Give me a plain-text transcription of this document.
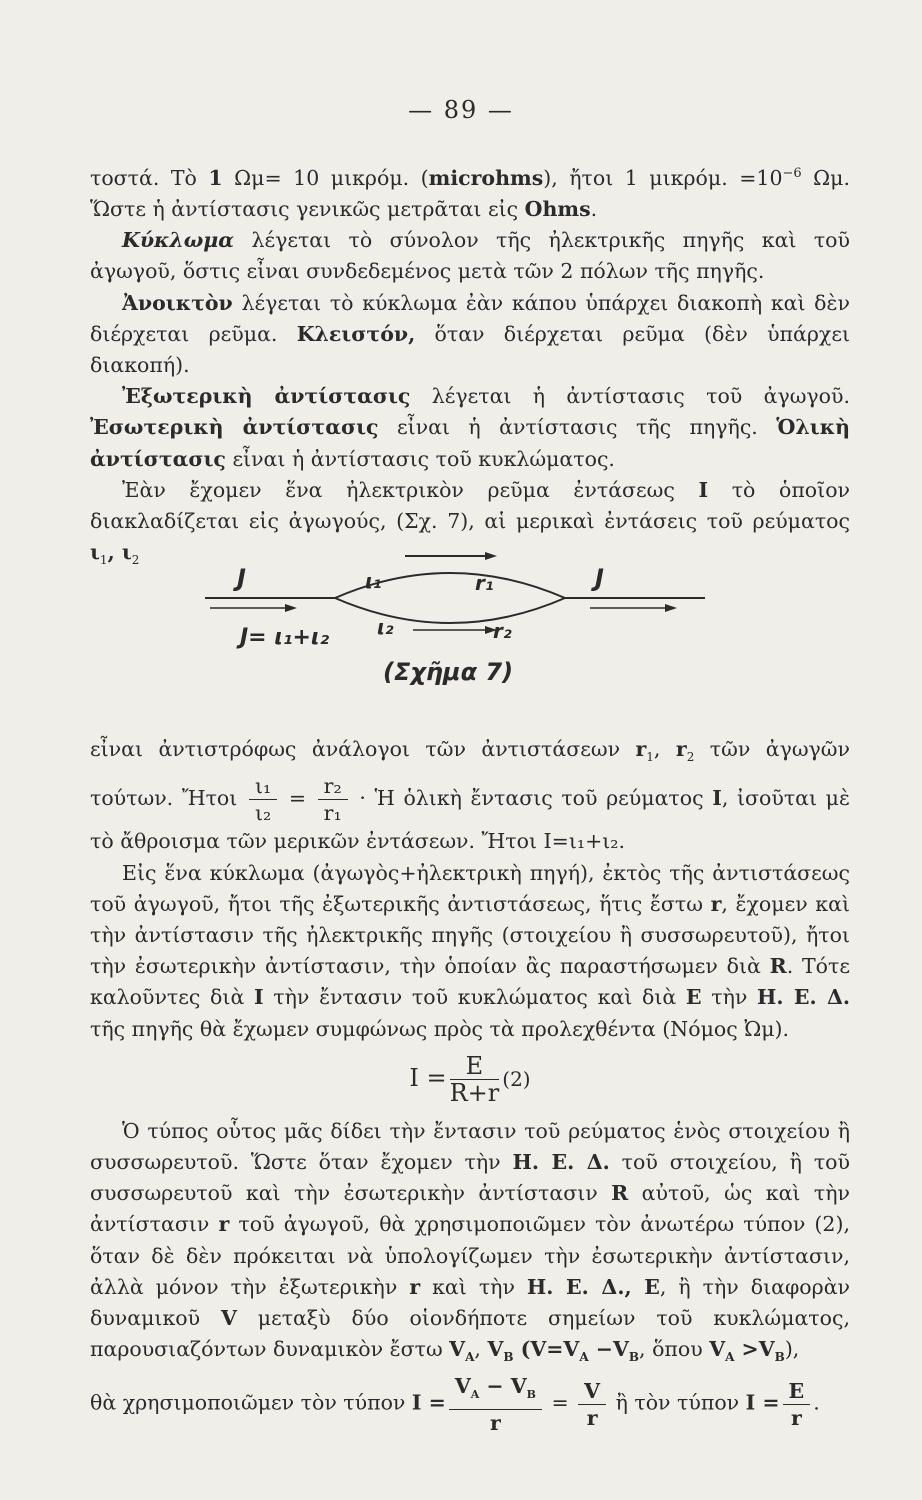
— 89 —

τοστά. Τὸ 1 Ωμ= 10 μικρόμ. (microhms), ἤτοι 1 μικρόμ. $=10^{-6}$ Ωμ. Ὥστε ἡ ἀντίστασις γενικῶς μετρᾶται εἰς Ohms.

Κύκλωμα λέγεται τὸ σύνολον τῆς ἠλεκτρικῆς πηγῆς καὶ τοῦ ἀγωγοῦ, ὅστις εἶναι συνδεδεμένος μετὰ τῶν 2 πόλων τῆς πηγῆς.

Ἀνοικτὸν λέγεται τὸ κύκλωμα ἐὰν κάπου ὑπάρχει διακοπὴ καὶ δὲν διέρχεται ρεῦμα. Κλειστόν, ὅταν διέρχεται ρεῦμα (δὲν ὑπάρχει διακοπή).

Ἐξωτερικὴ ἀντίστασις λέγεται ἡ ἀντίστασις τοῦ ἀγωγοῦ. Ἐσωτερικὴ ἀντίστασις εἶναι ἡ ἀντίστασις τῆς πηγῆς. Ὁλικὴ ἀντίστασις εἶναι ἡ ἀντίστασις τοῦ κυκλώματος.

Ἐὰν ἔχομεν ἕνα ἠλεκτρικὸν ρεῦμα ἐντάσεως I τὸ ὁποῖον διακλαδίζεται εἰς ἀγωγούς, (Σχ. 7), αἱ μερικαὶ ἐντάσεις τοῦ ρεύματος $\iota_1$, $\iota_2$

J	J
ι₁	r₁
ι₂	r₂
J= ι₁+ι₂
(Σχῆμα 7)

εἶναι ἀντιστρόφως ἀνάλογοι τῶν ἀντιστάσεων $r_1$, $r_2$ τῶν ἀγωγῶν τούτων. Ἤτοι $\frac{\text{ι₁}}{\text{ι₂}} = \frac{\text{r₂}}{\text{r₁}}$ · Ἡ ὁλικὴ ἔντασις τοῦ ρεύματος I, ἰσοῦται μὲ τὸ ἄθροισμα τῶν μερικῶν ἐντάσεων. Ἤτοι I=ι₁+ι₂.

Εἰς ἕνα κύκλωμα (ἀγωγὸς+ἠλεκτρικὴ πηγή), ἐκτὸς τῆς ἀντιστάσεως τοῦ ἀγωγοῦ, ἤτοι τῆς ἐξωτερικῆς ἀντιστάσεως, ἥτις ἔστω r, ἔχομεν καὶ τὴν ἀντίστασιν τῆς ἠλεκτρικῆς πηγῆς (στοιχείου ἢ συσσωρευτοῦ), ἤτοι τὴν ἐσωτερικὴν ἀντίστασιν, τὴν ὁποίαν ἂς παραστήσωμεν διὰ R. Τότε καλοῦντες διὰ I τὴν ἔντασιν τοῦ κυκλώματος καὶ διὰ E τὴν Η. Ε. Δ. τῆς πηγῆς θὰ ἔχωμεν συμφώνως πρὸς τὰ προλεχθέντα (Νόμος Ὠμ).

$I = \frac{E}{R+r} (2)$

Ὁ τύπος οὗτος μᾶς δίδει τὴν ἔντασιν τοῦ ρεύματος ἑνὸς στοιχείου ἢ συσσωρευτοῦ. Ὥστε ὅταν ἔχομεν τὴν Η. Ε. Δ. τοῦ στοιχείου, ἢ τοῦ συσσωρευτοῦ καὶ τὴν ἐσωτερικὴν ἀντίστασιν R αὐτοῦ, ὡς καὶ τὴν ἀντίστασιν r τοῦ ἀγωγοῦ, θὰ χρησιμοποιῶμεν τὸν ἀνωτέρω τύπον (2), ὅταν δὲ δὲν πρόκειται νὰ ὑπολογίζωμεν τὴν ἐσωτερικὴν ἀντίστασιν, ἀλλὰ μόνον τὴν ἐξωτερικὴν r καὶ τὴν Η. Ε. Δ., Ε, ἢ τὴν διαφορὰν δυναμικοῦ V μεταξὺ δύο οἱονδήποτε σημείων τοῦ κυκλώματος, παρουσιαζόντων δυναμικὸν ἔστω $V_A$, $V_B$ ($V=V_A -V_B$, ὅπου $V_A >V_B$),

θὰ χρησιμοποιῶμεν τὸν τύπον $I = \frac{V_A - V_B}{r} = \frac{V}{r}$ ἢ τὸν τύπον $I = \frac{E}{r}$ .
